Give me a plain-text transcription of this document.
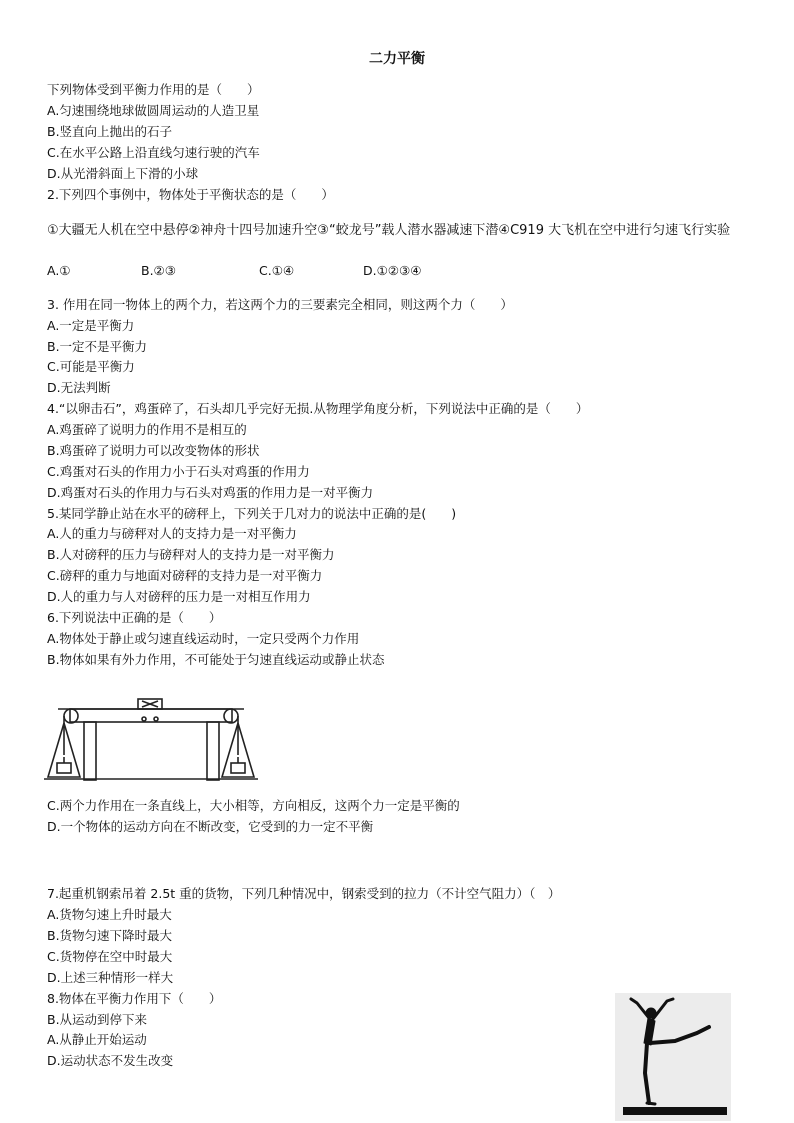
二力平衡
下列物体受到平衡力作用的是（　　）
A.匀速围绕地球做圆周运动的人造卫星
B.竖直向上抛出的石子
C.在水平公路上沿直线匀速行驶的汽车
D.从光滑斜面上下滑的小球
2.下列四个事例中，物体处于平衡状态的是（　　）
①大疆无人机在空中悬停②神舟十四号加速升空③“蛟龙号”载人潜水器减速下潜④C919 大飞机在空中进行匀速飞行实验
A.①	B.②③	C.①④	D.①②③④
3. 作用在同一物体上的两个力，若这两个力的三要素完全相同，则这两个力（　　）
A.一定是平衡力
B.一定不是平衡力
C.可能是平衡力
D.无法判断
4.“以卵击石”，鸡蛋碎了，石头却几乎完好无损.从物理学角度分析，下列说法中正确的是（　　）
A.鸡蛋碎了说明力的作用不是相互的
B.鸡蛋碎了说明力可以改变物体的形状
C.鸡蛋对石头的作用力小于石头对鸡蛋的作用力
D.鸡蛋对石头的作用力与石头对鸡蛋的作用力是一对平衡力
5.某同学静止站在水平的磅秤上，下列关于几对力的说法中正确的是(　　)
A.人的重力与磅秤对人的支持力是一对平衡力
B.人对磅秤的压力与磅秤对人的支持力是一对平衡力
C.磅秤的重力与地面对磅秤的支持力是一对平衡力
D.人的重力与人对磅秤的压力是一对相互作用力
6.下列说法中正确的是（　　）
A.物体处于静止或匀速直线运动时，一定只受两个力作用
B.物体如果有外力作用，不可能处于匀速直线运动或静止状态
C.两个力作用在一条直线上，大小相等，方向相反，这两个力一定是平衡的
D.一个物体的运动方向在不断改变，它受到的力一定不平衡
7.起重机钢索吊着 2.5t 重的货物，下列几种情况中，钢索受到的拉力（不计空气阻力）（　）
A.货物匀速上升时最大
B.货物匀速下降时最大
C.货物停在空中时最大
D.上述三种情形一样大
8.物体在平衡力作用下（　　）
B.从运动到停下来
A.从静止开始运动
D.运动状态不发生改变
